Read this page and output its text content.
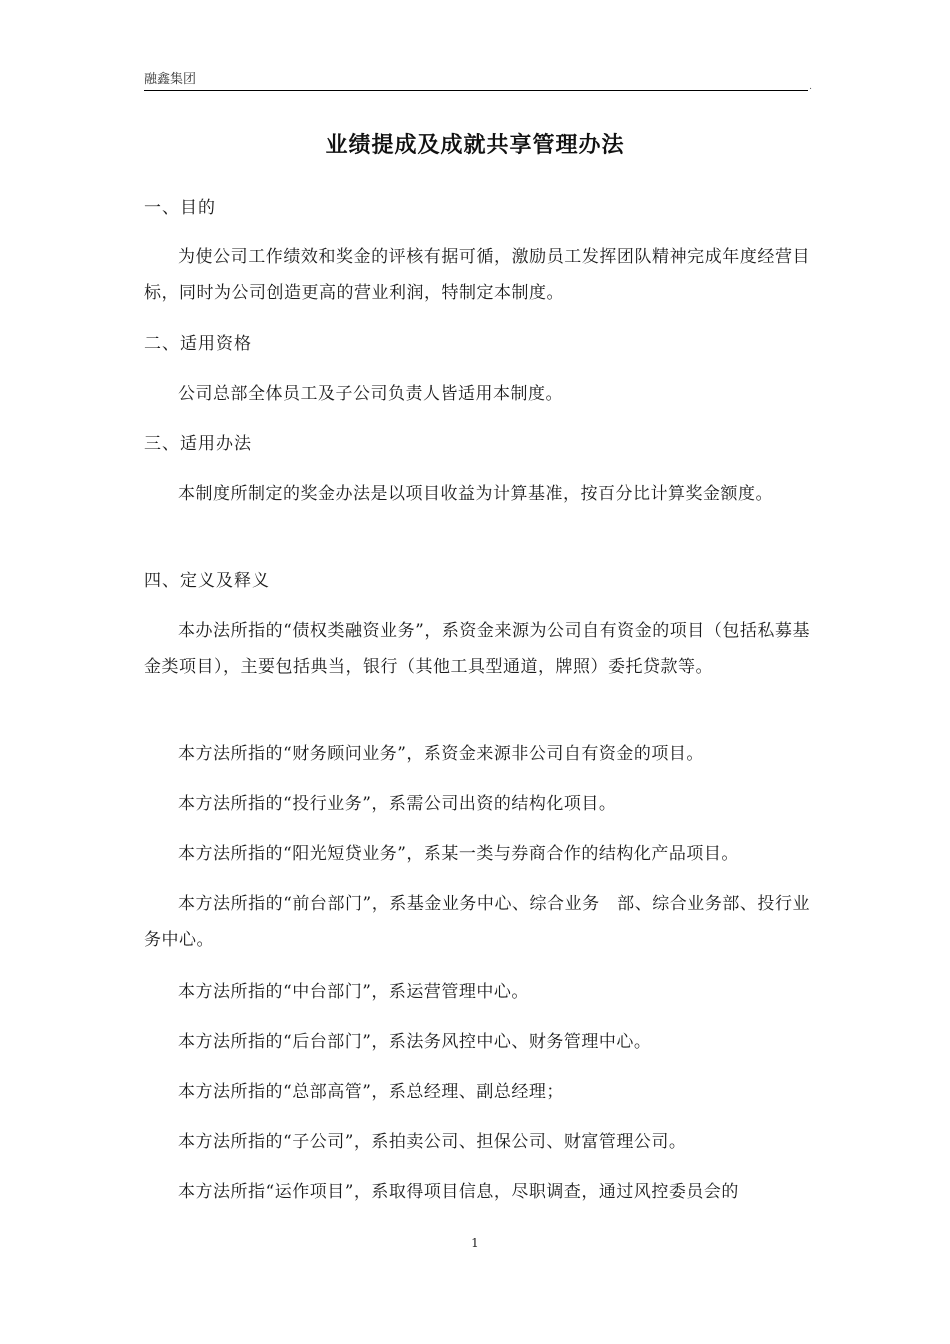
融鑫集团	.
业绩提成及成就共享管理办法
一、目的
为使公司工作绩效和奖金的评核有据可循，激励员工发挥团队精神完成年度经营目标，同时为公司创造更高的营业利润，特制定本制度。
二、适用资格
公司总部全体员工及子公司负责人皆适用本制度。
三、适用办法
本制度所制定的奖金办法是以项目收益为计算基准，按百分比计算奖金额度。
四、定义及释义
本办法所指的“债权类融资业务”，系资金来源为公司自有资金的项目（包括私募基金类项目），主要包括典当，银行（其他工具型通道，牌照）委托贷款等。
本方法所指的“财务顾问业务”，系资金来源非公司自有资金的项目。
本方法所指的“投行业务”，系需公司出资的结构化项目。
本方法所指的“阳光短贷业务”，系某一类与券商合作的结构化产品项目。
本方法所指的“前台部门”，系基金业务中心、综合业务　部、综合业务部、投行业务中心。
本方法所指的“中台部门”，系运营管理中心。
本方法所指的“后台部门”，系法务风控中心、财务管理中心。
本方法所指的“总部高管”，系总经理、副总经理；
本方法所指的“子公司”，系拍卖公司、担保公司、财富管理公司。
本方法所指“运作项目”，系取得项目信息，尽职调查，通过风控委员会的
1
